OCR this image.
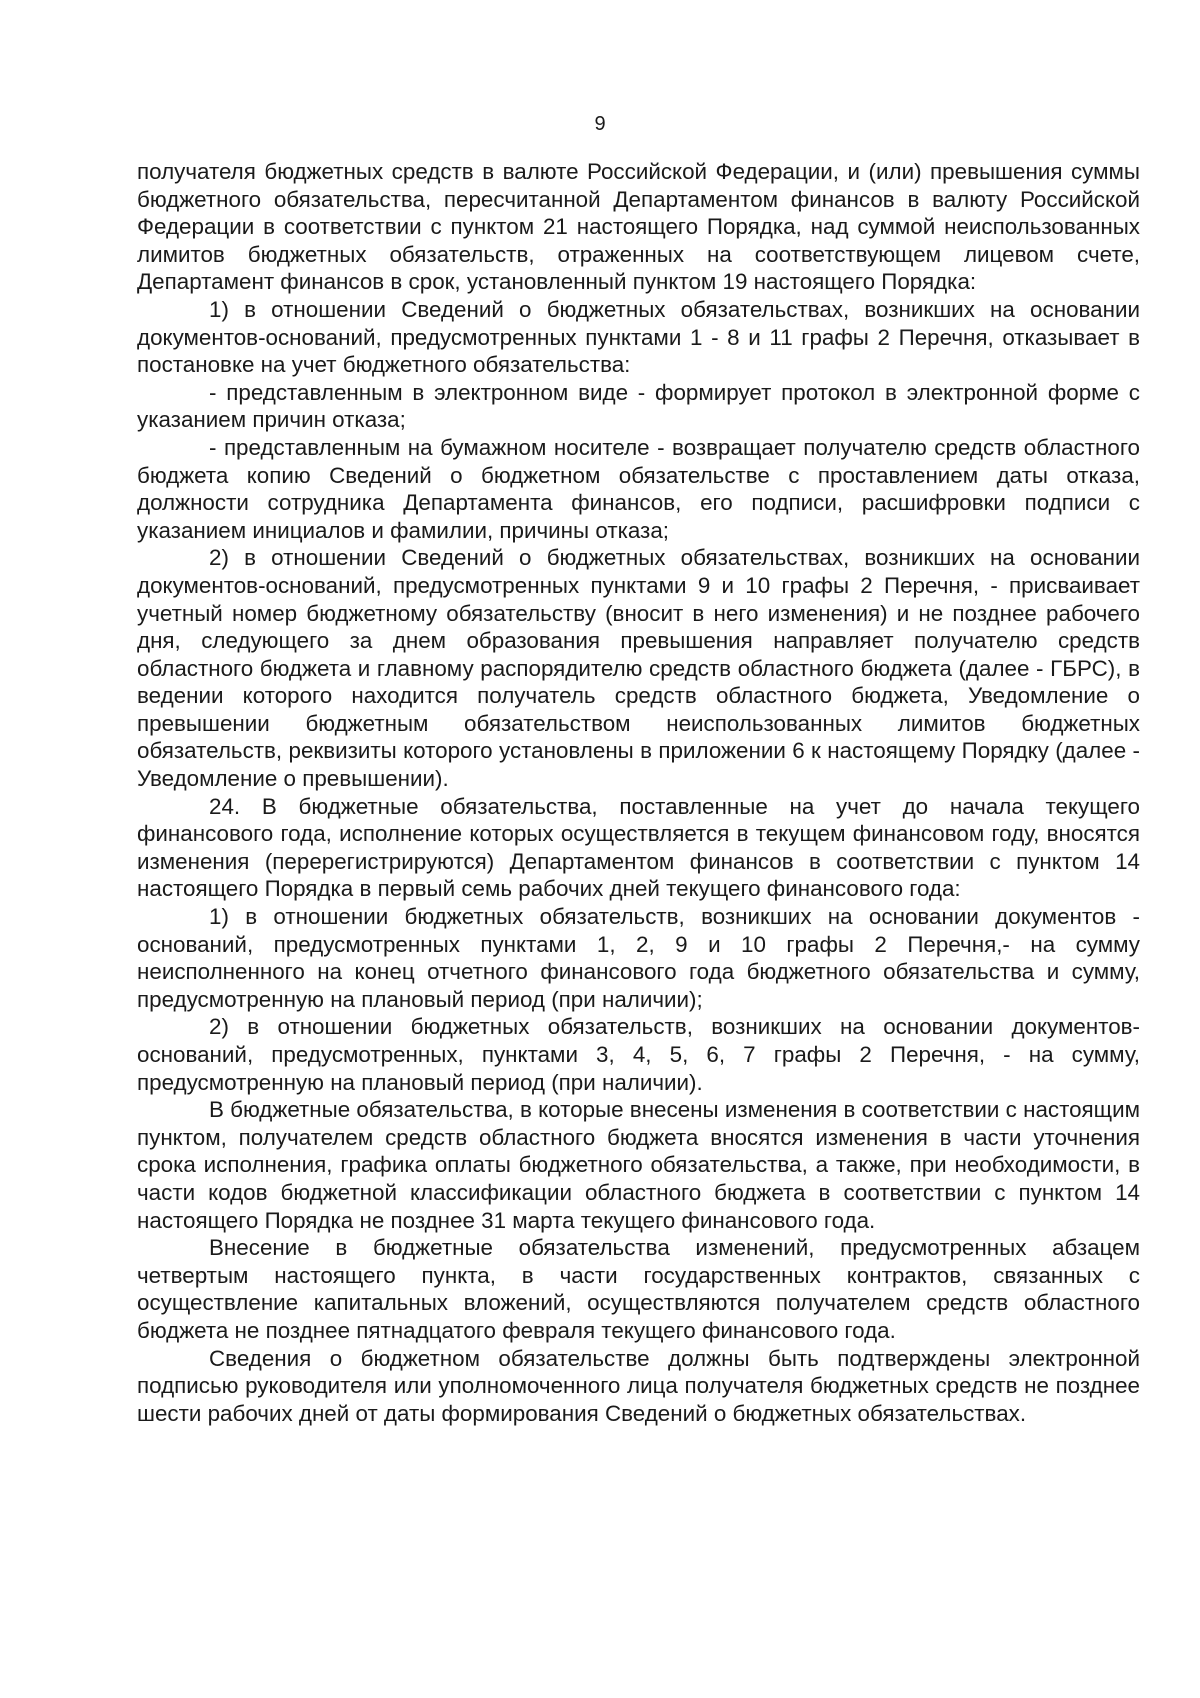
9

получателя бюджетных средств в валюте Российской Федерации, и (или) превышения суммы бюджетного обязательства, пересчитанной Департаментом финансов в валюту Российской Федерации в соответствии с пунктом 21 настоящего Порядка, над суммой неиспользованных лимитов бюджетных обязательств, отраженных на соответствующем лицевом счете, Департамент финансов в срок, установленный пунктом 19 настоящего Порядка:

1) в отношении Сведений о бюджетных обязательствах, возникших на основании документов-оснований, предусмотренных пунктами 1 - 8 и 11 графы 2 Перечня, отказывает в постановке на учет бюджетного обязательства:

- представленным в электронном виде - формирует протокол в электронной форме с указанием причин отказа;

- представленным на бумажном носителе - возвращает получателю средств областного бюджета копию Сведений о бюджетном обязательстве с проставлением даты отказа, должности сотрудника Департамента финансов, его подписи, расшифровки подписи с указанием инициалов и фамилии, причины отказа;

2) в отношении Сведений о бюджетных обязательствах, возникших на основании документов-оснований, предусмотренных пунктами 9 и 10 графы 2 Перечня, - присваивает учетный номер бюджетному обязательству (вносит в него изменения) и не позднее рабочего дня, следующего за днем образования превышения направляет получателю средств областного бюджета и главному распорядителю средств областного бюджета (далее - ГБРС), в ведении которого находится получатель средств областного бюджета, Уведомление о превышении бюджетным обязательством неиспользованных лимитов бюджетных обязательств, реквизиты которого установлены в приложении 6 к настоящему Порядку (далее - Уведомление о превышении).

24. В бюджетные обязательства, поставленные на учет до начала текущего финансового года, исполнение которых осуществляется в текущем финансовом году, вносятся изменения (перерегистрируются) Департаментом финансов в соответствии с пунктом 14 настоящего Порядка в первый семь рабочих дней текущего финансового года:

1) в отношении бюджетных обязательств, возникших на основании документов - оснований, предусмотренных пунктами 1, 2, 9 и 10 графы 2 Перечня,- на сумму неисполненного на конец отчетного финансового года бюджетного обязательства и сумму, предусмотренную на плановый период (при наличии);

2) в отношении бюджетных обязательств, возникших на основании документов-оснований, предусмотренных, пунктами 3, 4, 5, 6, 7 графы 2 Перечня, - на сумму, предусмотренную на плановый период (при наличии).

В бюджетные обязательства, в которые внесены изменения в соответствии с настоящим пунктом, получателем средств областного бюджета вносятся изменения в части уточнения срока исполнения, графика оплаты бюджетного обязательства, а также, при необходимости, в части кодов бюджетной классификации областного бюджета в соответствии с пунктом 14 настоящего Порядка не позднее 31 марта текущего финансового года.

Внесение в бюджетные обязательства изменений, предусмотренных абзацем четвертым настоящего пункта, в части государственных контрактов, связанных с осуществление капитальных вложений, осуществляются получателем средств областного бюджета не позднее пятнадцатого февраля текущего финансового года.

Сведения о бюджетном обязательстве должны быть подтверждены электронной подписью руководителя или уполномоченного лица получателя бюджетных средств не позднее шести рабочих дней от даты формирования Сведений о бюджетных обязательствах.
